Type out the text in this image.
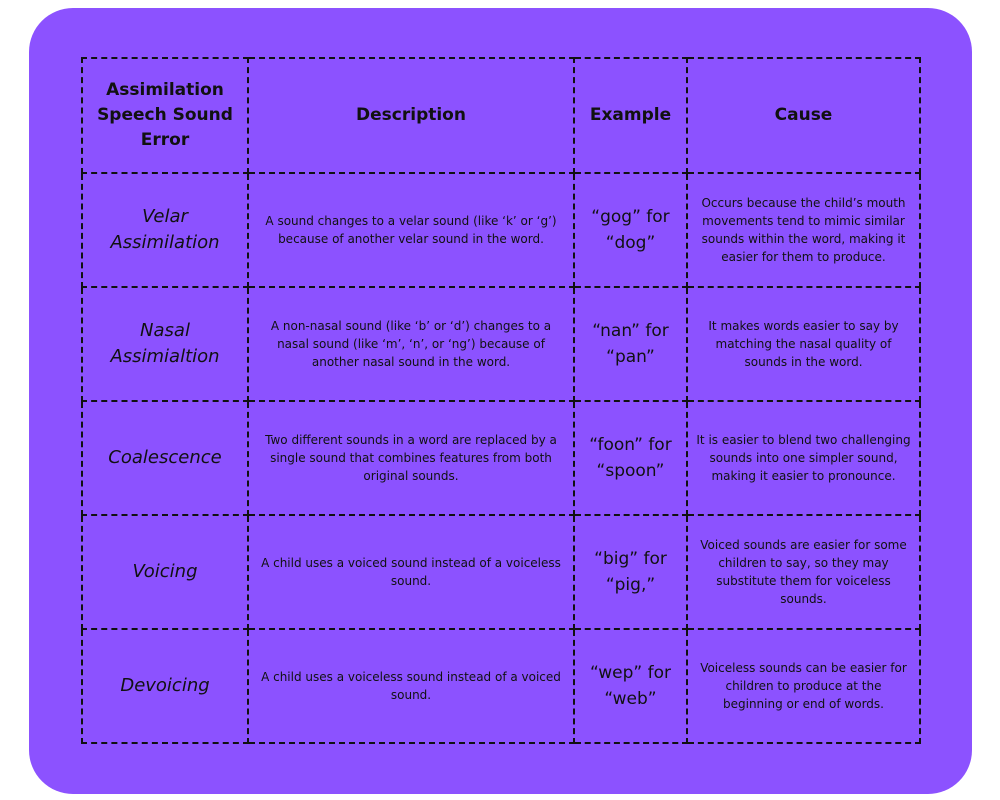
Assimilation Speech Sound Error	Description	Example	Cause
Velar Assimilation	A sound changes to a velar sound (like ‘k’ or ‘g’) because of another velar sound in the word.	“gog” for “dog”	Occurs because the child’s mouth movements tend to mimic similar sounds within the word, making it easier for them to produce.
Nasal Assimialtion	A non-nasal sound (like ‘b’ or ‘d’) changes to a nasal sound (like ‘m’, ‘n’, or ‘ng’) because of another nasal sound in the word.	“nan” for “pan”	It makes words easier to say by matching the nasal quality of sounds in the word.
Coalescence	Two different sounds in a word are replaced by a single sound that combines features from both original sounds.	“foon” for “spoon”	It is easier to blend two challenging sounds into one simpler sound, making it easier to pronounce.
Voicing	A child uses a voiced sound instead of a voiceless sound.	“big” for “pig,”	Voiced sounds are easier for some children to say, so they may substitute them for voiceless sounds.
Devoicing	A child uses a voiceless sound instead of a voiced sound.	“wep” for “web”	Voiceless sounds can be easier for children to produce at the beginning or end of words.
